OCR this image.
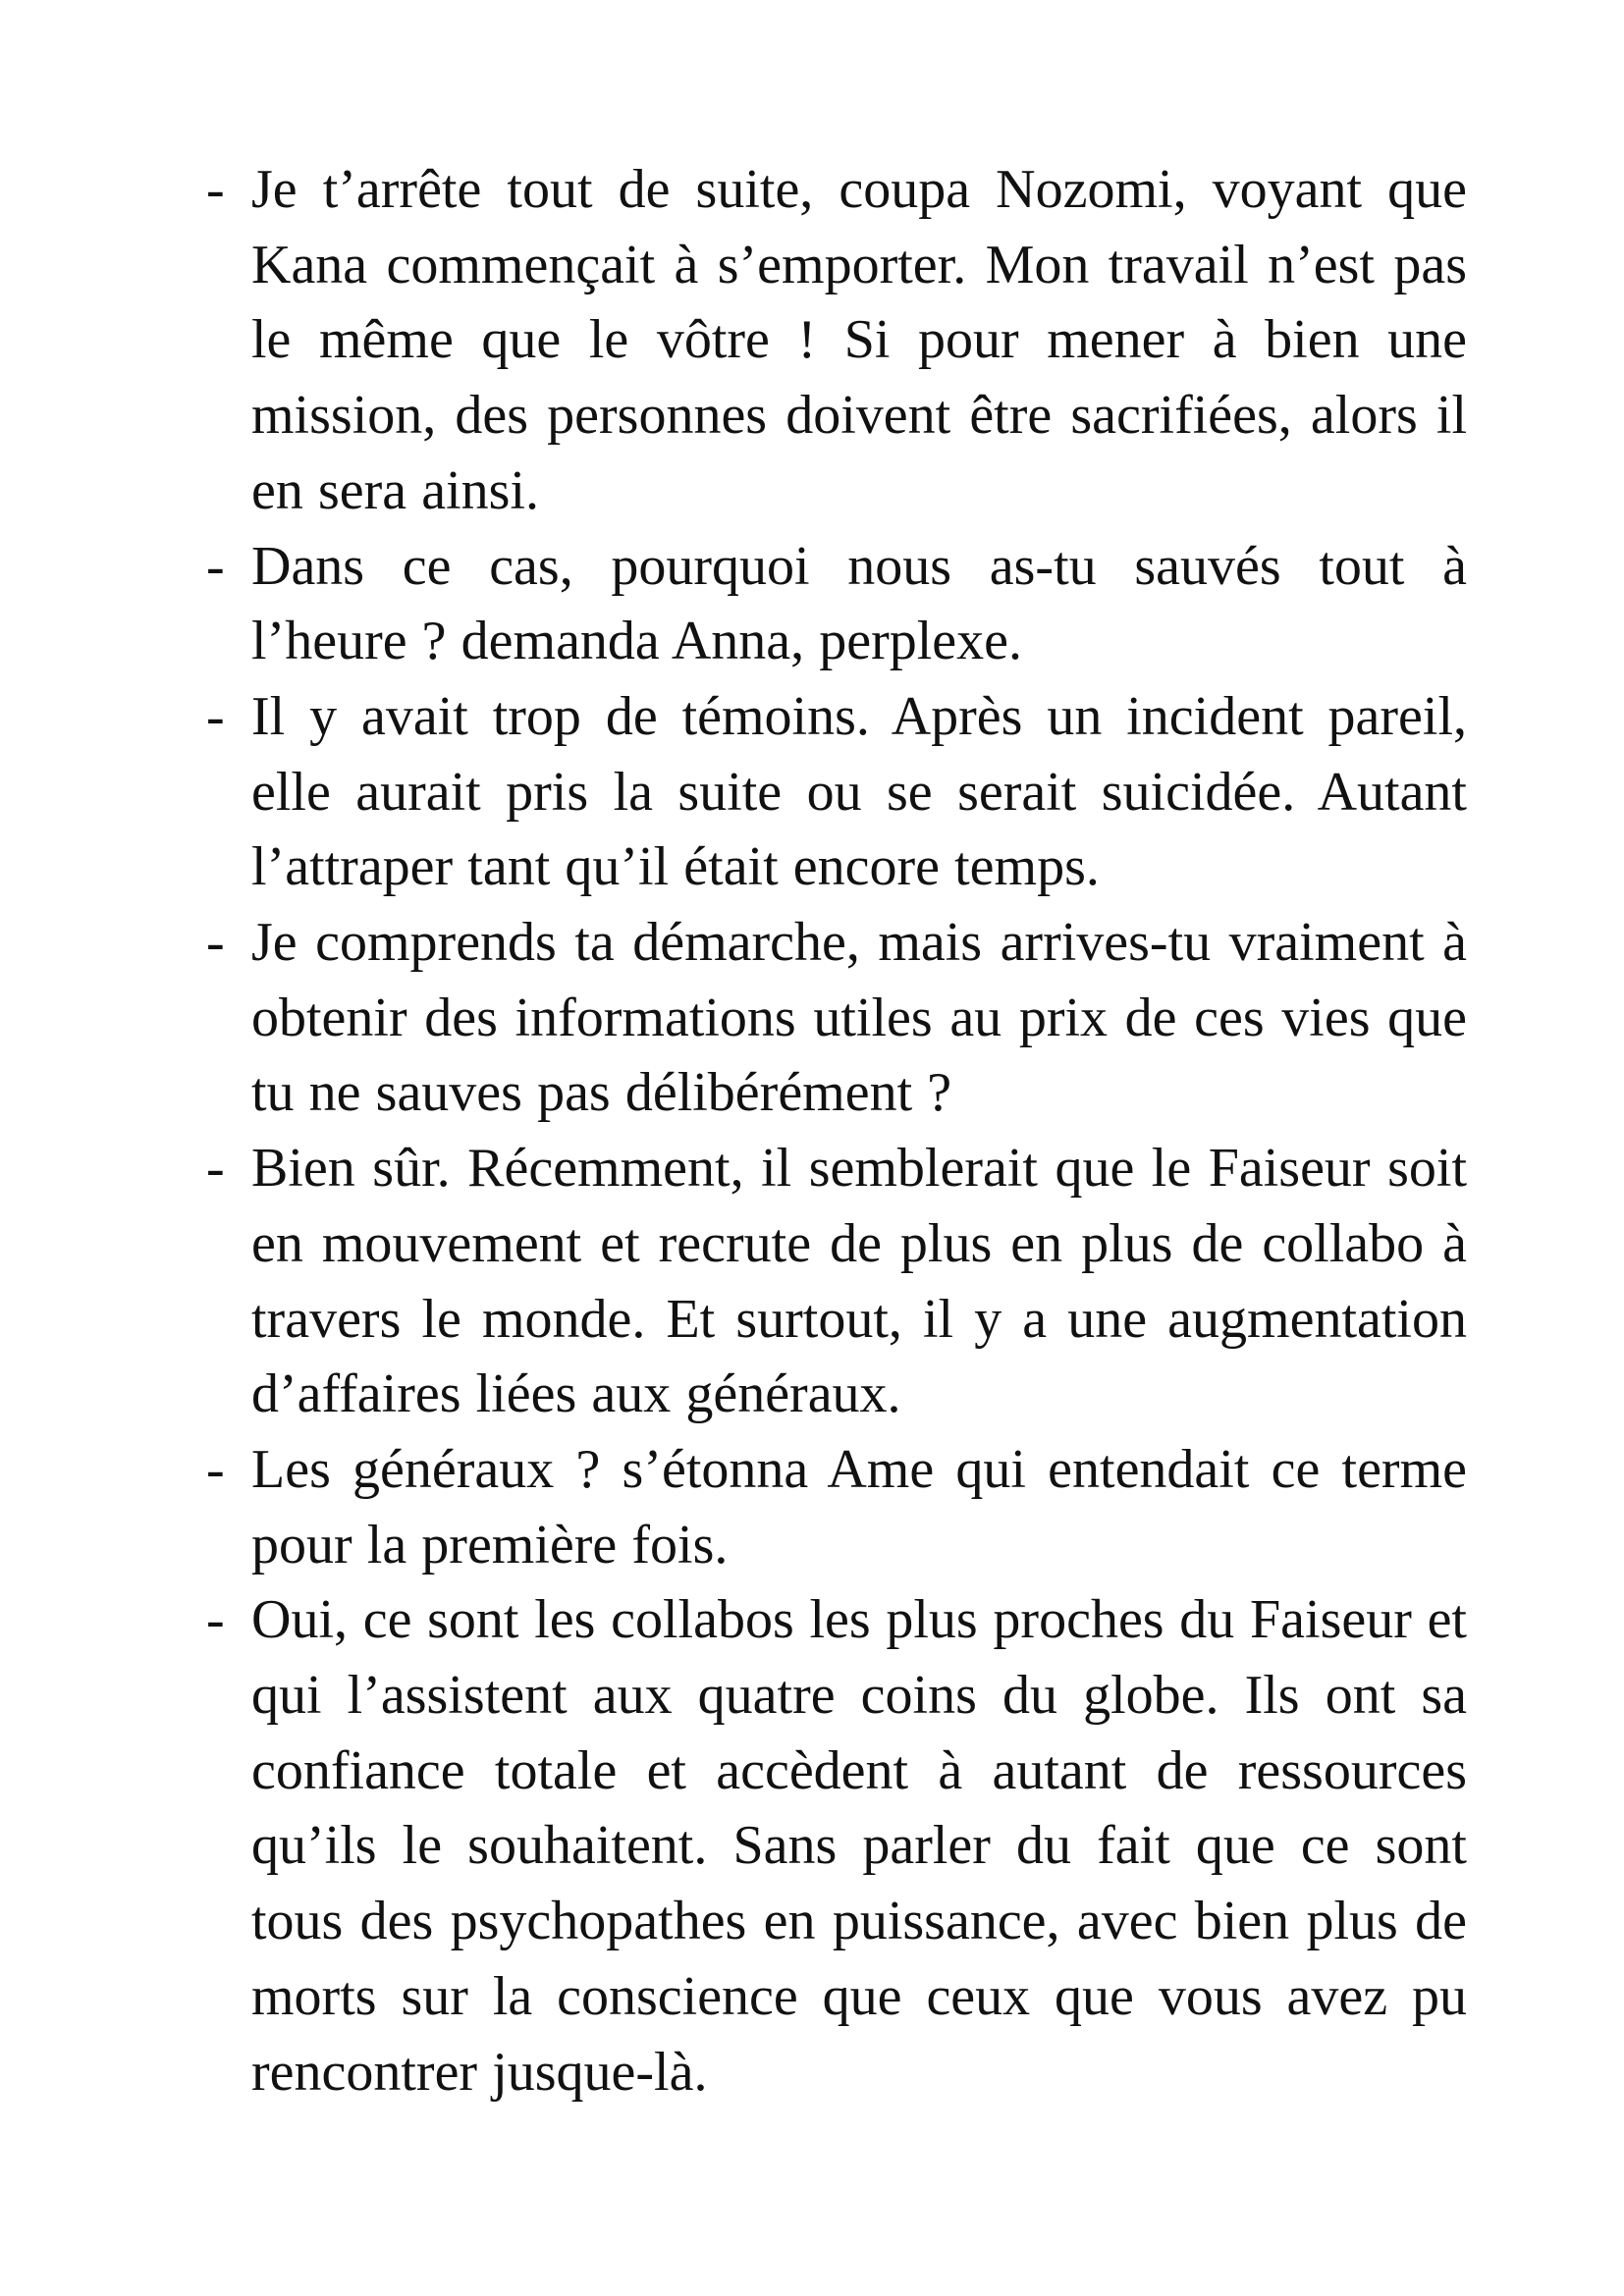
- Je t’arrête tout de suite, coupa Nozomi, voyant que Kana commençait à s’emporter. Mon travail n’est pas le même que le vôtre ! Si pour mener à bien une mission, des personnes doivent être sacrifiées, alors il en sera ainsi.

- Dans ce cas, pourquoi nous as-tu sauvés tout à l’heure ? demanda Anna, perplexe.

- Il y avait trop de témoins. Après un incident pareil, elle aurait pris la suite ou se serait suicidée. Autant l’attraper tant qu’il était encore temps.

- Je comprends ta démarche, mais arrives-tu vraiment à obtenir des informations utiles au prix de ces vies que tu ne sauves pas délibérément ?

- Bien sûr. Récemment, il semblerait que le Faiseur soit en mouvement et recrute de plus en plus de collabo à travers le monde. Et surtout, il y a une augmentation d’affaires liées aux généraux.

- Les généraux ? s’étonna Ame qui entendait ce terme pour la première fois.

- Oui, ce sont les collabos les plus proches du Faiseur et qui l’assistent aux quatre coins du globe. Ils ont sa confiance totale et accèdent à autant de ressources qu’ils le souhaitent. Sans parler du fait que ce sont tous des psychopathes en puissance, avec bien plus de morts sur la conscience que ceux que vous avez pu rencontrer jusque-là.
